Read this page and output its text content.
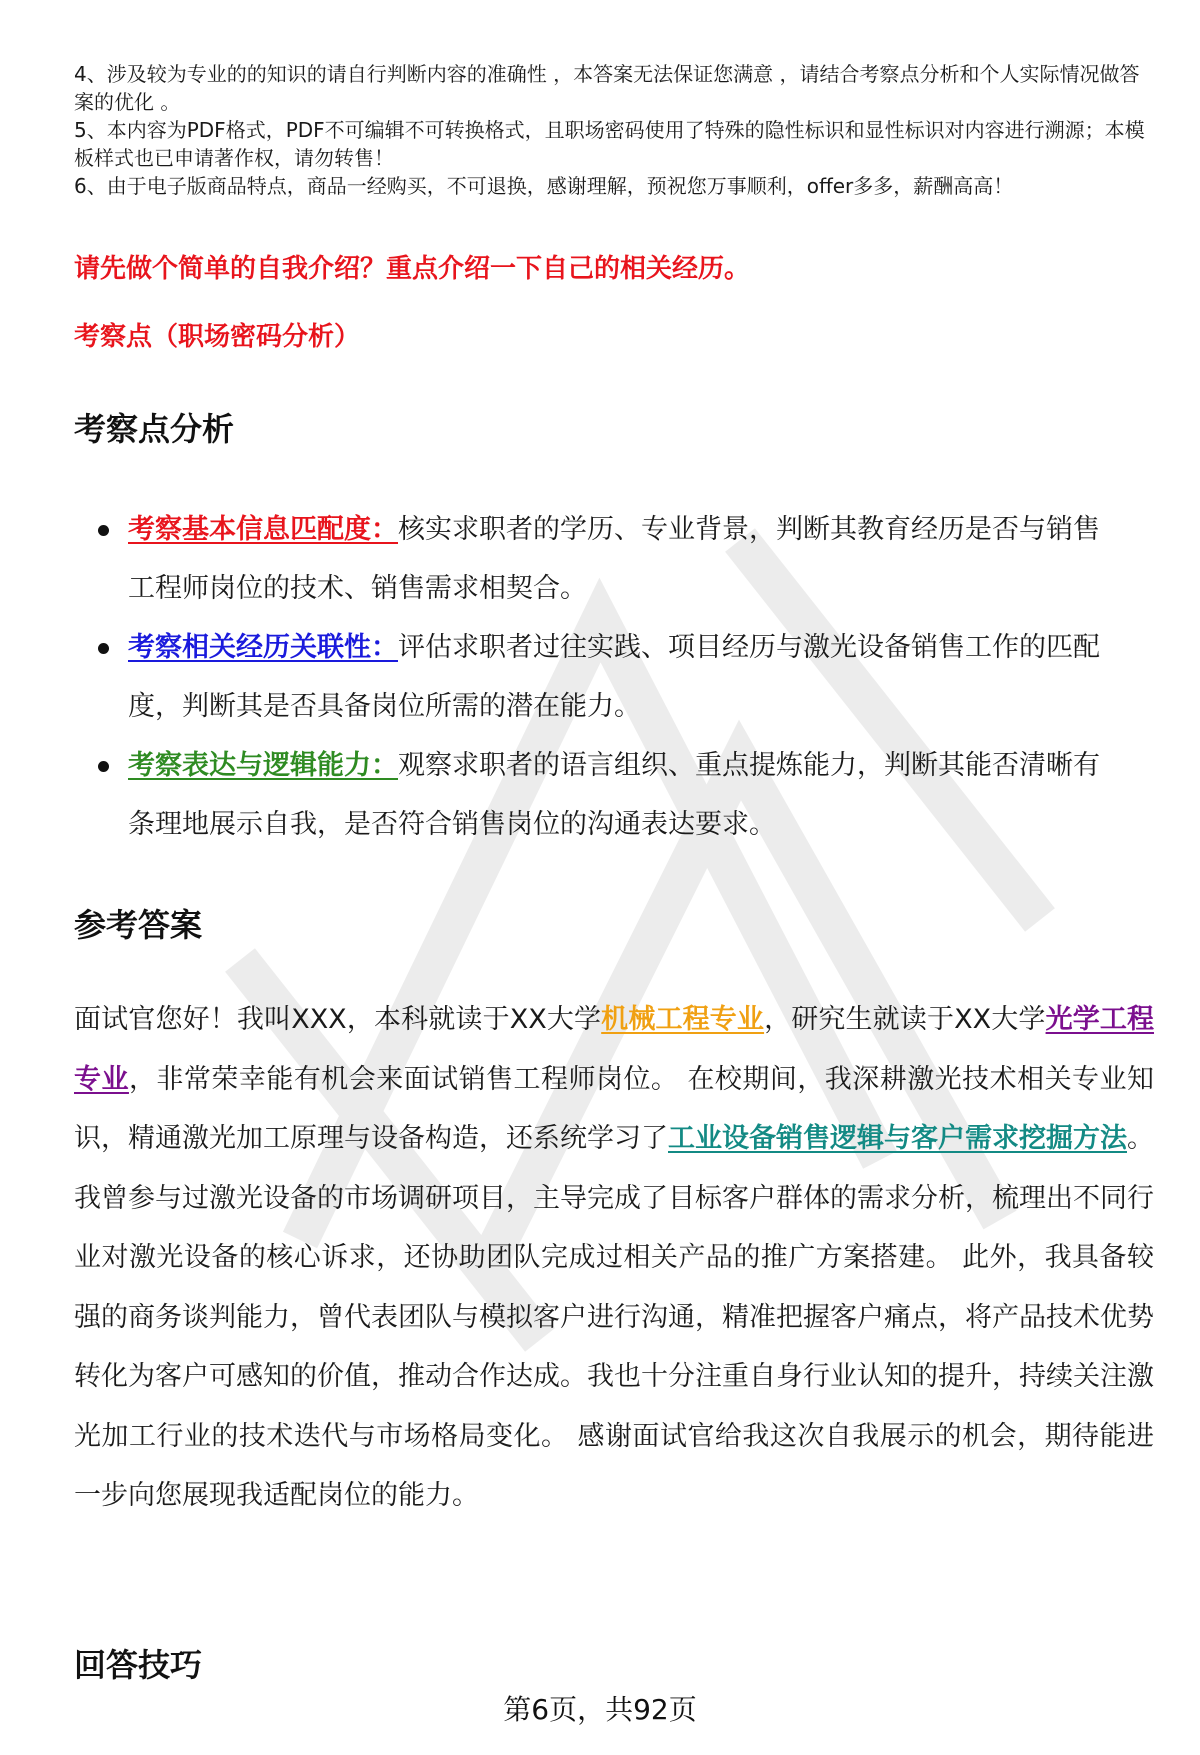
4、涉及较为专业的的知识的请自行判断内容的准确性 ，本答案无法保证您满意 ，请结合考察点分析和个人实际情况做答案的优化 。

5、本内容为PDF格式，PDF不可编辑不可转换格式，且职场密码使用了特殊的隐性标识和显性标识对内容进行溯源；本模板样式也已申请著作权，请勿转售！

6、由于电子版商品特点，商品一经购买，不可退换，感谢理解，预祝您万事顺利，offer多多，薪酬高高！

请先做个简单的自我介绍？重点介绍一下自己的相关经历。
考察点（职场密码分析）
考察点分析
考察基本信息匹配度：核实求职者的学历、专业背景，判断其教育经历是否与销售工程师岗位的技术、销售需求相契合。
考察相关经历关联性：评估求职者过往实践、项目经历与激光设备销售工作的匹配度，判断其是否具备岗位所需的潜在能力。
考察表达与逻辑能力：观察求职者的语言组织、重点提炼能力，判断其能否清晰有条理地展示自我，是否符合销售岗位的沟通表达要求。
参考答案
面试官您好！我叫XXX，本科就读于XX大学机械工程专业，研究生就读于XX大学光学工程专业，非常荣幸能有机会来面试销售工程师岗位。 在校期间，我深耕激光技术相关专业知识，精通激光加工原理与设备构造，还系统学习了工业设备销售逻辑与客户需求挖掘方法。我曾参与过激光设备的市场调研项目，主导完成了目标客户群体的需求分析，梳理出不同行业对激光设备的核心诉求，还协助团队完成过相关产品的推广方案搭建。 此外，我具备较强的商务谈判能力，曾代表团队与模拟客户进行沟通，精准把握客户痛点，将产品技术优势转化为客户可感知的价值，推动合作达成。我也十分注重自身行业认知的提升，持续关注激光加工行业的技术迭代与市场格局变化。 感谢面试官给我这次自我展示的机会，期待能进一步向您展现我适配岗位的能力。
回答技巧
第6页，共92页
